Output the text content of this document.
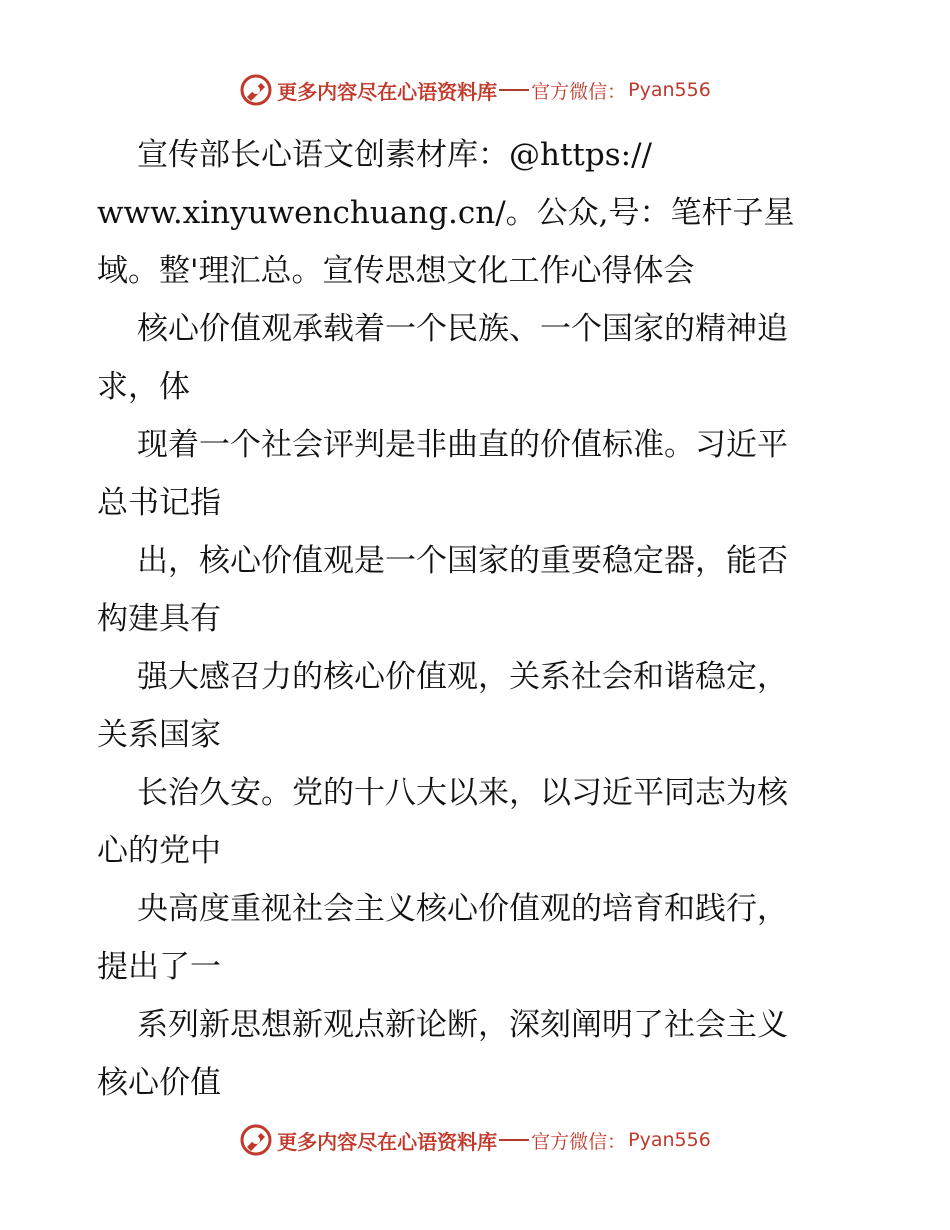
更多内容尽在心语资料库 官方微信： Pyan556
宣传部长心语文创素材库：@https://
www.xinyuwenchuang.cn/。公众,号：笔杆子星
域。整'理汇总。宣传思想文化工作心得体会
核心价值观承载着一个民族、一个国家的精神追
求，体
现着一个社会评判是非曲直的价值标准。习近平
总书记指
出，核心价值观是一个国家的重要稳定器，能否
构建具有
强大感召力的核心价值观，关系社会和谐稳定，
关系国家
长治久安。党的十八大以来，以习近平同志为核
心的党中
央高度重视社会主义核心价值观的培育和践行，
提出了一
系列新思想新观点新论断，深刻阐明了社会主义
核心价值
更多内容尽在心语资料库 官方微信： Pyan556
